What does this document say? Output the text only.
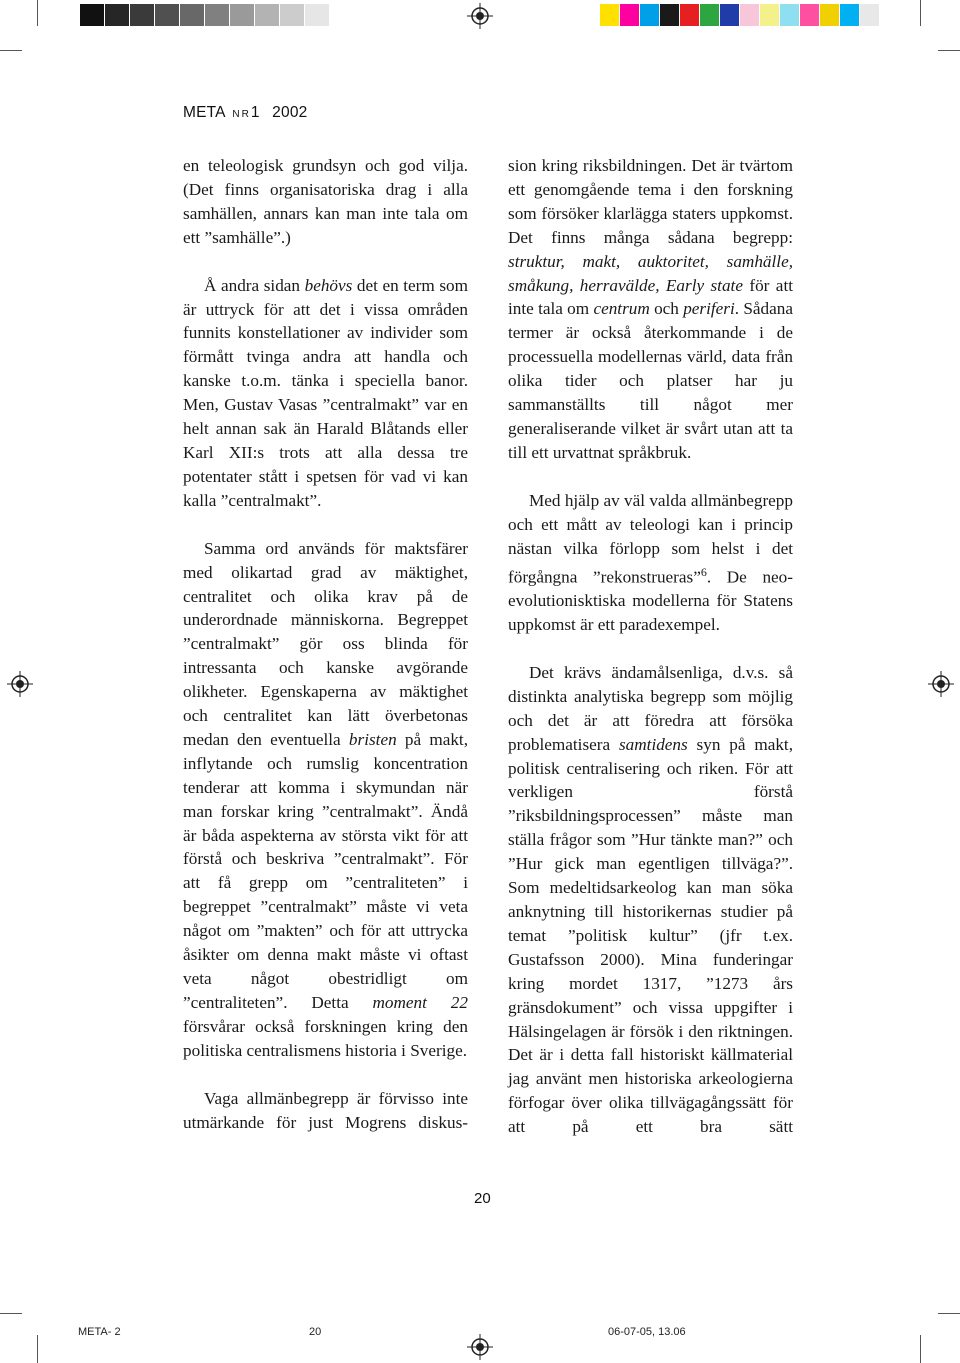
META NR1 2002

en teleologisk grundsyn och god vilja. (Det finns organisatoriska drag i alla samhällen, annars kan man inte tala om ett ”samhälle”.)

Å andra sidan behövs det en term som är uttryck för att det i vissa områden funnits konstellationer av individer som förmått tvinga andra att handla och kanske t.o.m. tänka i speciella banor. Men, Gustav Vasas ”centralmakt” var en helt annan sak än Harald Blåtands eller Karl XII:s trots att alla dessa tre potentater stått i spetsen för vad vi kan kalla ”centralmakt”.

Samma ord används för maktsfärer med olikartad grad av mäktighet, centralitet och olika krav på de underordnade människorna. Begreppet ”centralmakt” gör oss blinda för intressanta och kanske avgörande olikheter. Egenskaperna av mäktighet och centralitet kan lätt överbetonas medan den eventuella bristen på makt, inflytande och rumslig koncentration tenderar att komma i skymundan när man forskar kring ”centralmakt”. Ändå är båda aspekterna av största vikt för att förstå och beskriva ”centralmakt”. För att få grepp om ”centraliteten” i begreppet ”centralmakt” måste vi veta något om ”makten” och för att uttrycka åsikter om denna makt måste vi oftast veta något obestridligt om ”centraliteten”. Detta moment 22 försvårar också forskningen kring den politiska centralismens historia i Sverige.

Vaga allmänbegrepp är förvisso inte utmärkande för just Mogrens diskus-

sion kring riksbildningen. Det är tvärtom ett genomgående tema i den forskning som försöker klarlägga staters uppkomst. Det finns många sådana begrepp: struktur, makt, auktoritet, samhälle, småkung, herravälde, Early state för att inte tala om centrum och periferi. Sådana termer är också återkommande i de processuella modellernas värld, data från olika tider och platser har ju sammanställts till något mer generaliserande vilket är svårt utan att ta till ett urvattnat språkbruk.

Med hjälp av väl valda allmänbegrepp och ett mått av teleologi kan i princip nästan vilka förlopp som helst i det förgångna ”rekonstrueras”$^6$. De neo-evolutionisktiska modellerna för Statens uppkomst är ett paradexempel.

Det krävs ändamålsenliga, d.v.s. så distinkta analytiska begrepp som möjlig och det är att föredra att försöka problematisera samtidens syn på makt, politisk centralisering och riken. För att verkligen förstå ”riksbildningsprocessen” måste man ställa frågor som ”Hur tänkte man?” och ”Hur gick man egentligen tillväga?”. Som medeltidsarkeolog kan man söka anknytning till historikernas studier på temat ”politisk kultur” (jfr t.ex. Gustafsson 2000). Mina funderingar kring mordet 1317, ”1273 års gränsdokument” och vissa uppgifter i Hälsingelagen är försök i den riktningen. Det är i detta fall historiskt källmaterial jag använt men historiska arkeologierna förfogar över olika tillvägagångssätt för att på ett bra sätt

20
META- 2	20	06-07-05, 13.06
